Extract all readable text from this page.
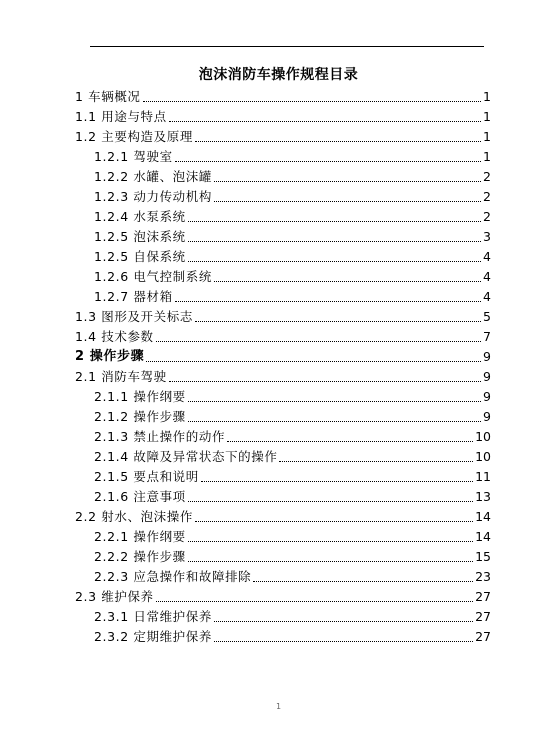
泡沫消防车操作规程目录
1 车辆概况	1
1.1 用途与特点	1
1.2 主要构造及原理	1
1.2.1 驾驶室	1
1.2.2 水罐、泡沫罐	2
1.2.3 动力传动机构	2
1.2.4 水泵系统	2
1.2.5 泡沫系统	3
1.2.5 自保系统	4
1.2.6 电气控制系统	4
1.2.7 器材箱	4
1.3 图形及开关标志	5
1.4 技术参数	7
2 操作步骤	9
2.1 消防车驾驶	9
2.1.1 操作纲要	9
2.1.2 操作步骤	9
2.1.3 禁止操作的动作	10
2.1.4 故障及异常状态下的操作	10
2.1.5 要点和说明	11
2.1.6 注意事项	13
2.2 射水、泡沫操作	14
2.2.1 操作纲要	14
2.2.2 操作步骤	15
2.2.3 应急操作和故障排除	23
2.3 维护保养	27
2.3.1 日常维护保养	27
2.3.2 定期维护保养	27
1
